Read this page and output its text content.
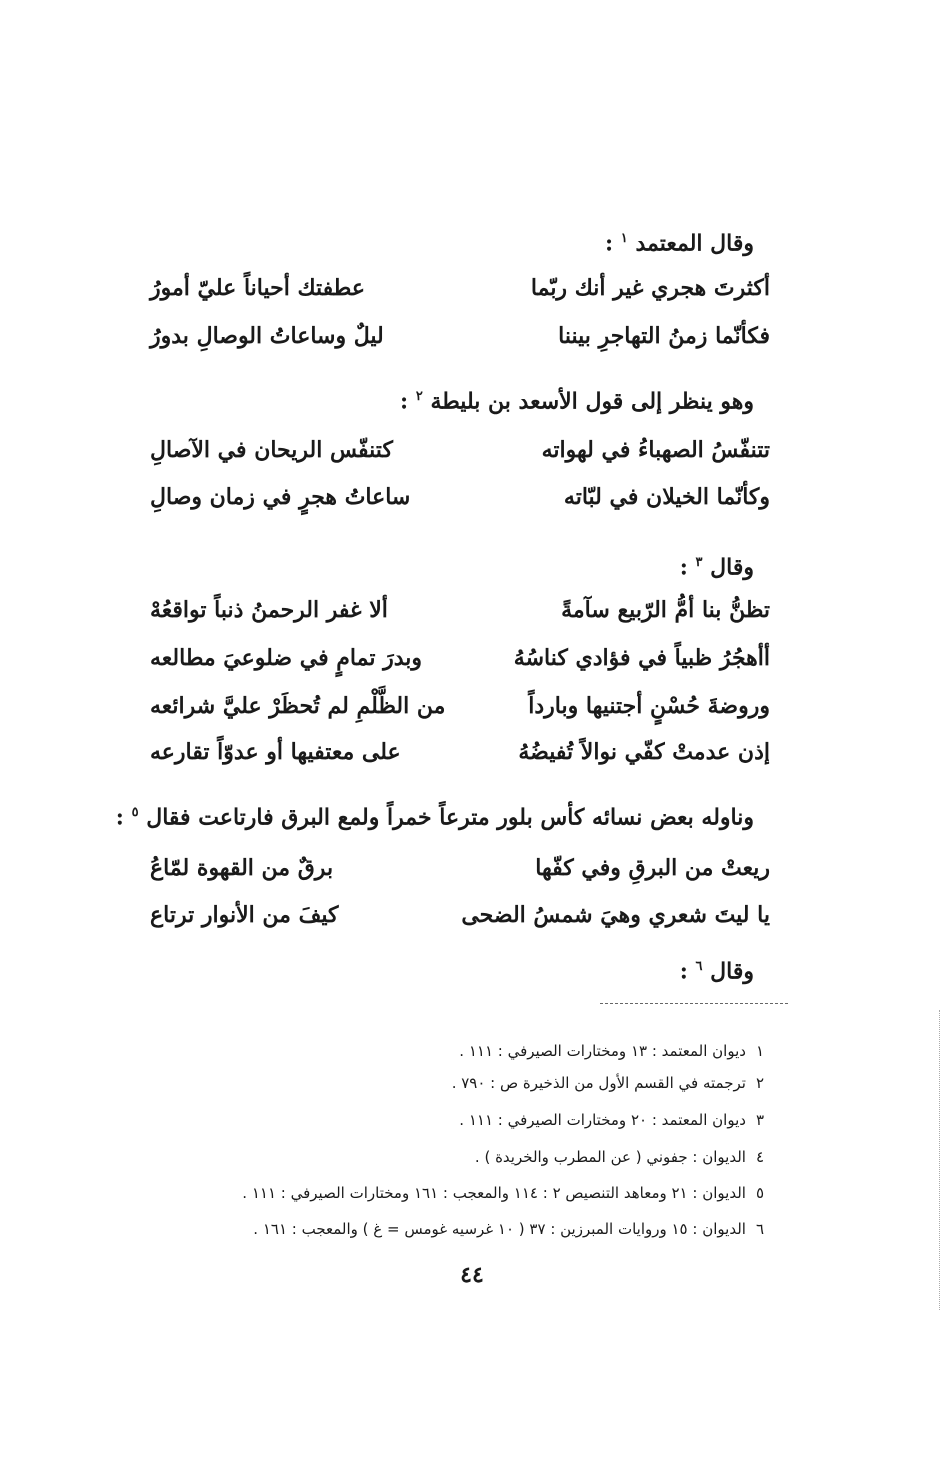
وقال المعتمد $^١$ :
أكثرتَ هجري غير أنك ربّما
عطفتك أحياناً عليّ أمورُ
فكأنّما زمنُ التهاجرِ بيننا
ليلٌ وساعاتُ الوصالِ بدورُ
وهو ينظر إلى قول الأسعد بن بليطة $^٢$ :
تتنفّسُ الصهباءُ في لهواته
كتنفّس الريحان في الآصالِ
وكأنّما الخيلان في لبّاته
ساعاتُ هجرٍ في زمان وصالِ
وقال $^٣$ :
تظنُّ بنا أمُّ الرّبيع سآمةً
ألا غفر الرحمنُ ذنباً تواقعُهْ
أأهجُرُ ظبياً في فؤادي كناسُهُ
وبدرَ تمامٍ في ضلوعيَ مطالعه
وروضةَ حُسْنٍ أجتنيها وبارداً
من الظَّلْمِ لم تُحظَرْ عليَّ شرائعه
إذن عدمتْ كفّي نوالاً تُفيضُهُ
على معتفيها أو عدوّاً تقارعه
وناوله بعض نسائه كأس بلور مترعاً خمراً ولمع البرق فارتاعت فقال $^٥$ :
ريعتْ من البرقِ وفي كفّها
برقٌ من القهوة لمّاعُ
يا ليتَ شعري وهيَ شمسُ الضحى
كيفَ من الأنوار ترتاع
وقال $^٦$ :
١ديوان المعتمد : ١٣ ومختارات الصيرفي : ١١١ .
٢ترجمته في القسم الأول من الذخيرة ص : ٧٩٠ .
٣ديوان المعتمد : ٢٠ ومختارات الصيرفي : ١١١ .
٤الديوان : جفوني ( عن المطرب والخريدة ) .
٥الديوان : ٢١ ومعاهد التنصيص ٢ : ١١٤ والمعجب : ١٦١ ومختارات الصيرفي : ١١١ .
٦الديوان : ١٥ وروايات المبرزين : ٣٧ ( ١٠ غرسيه غومس = غ ) والمعجب : ١٦١ .
٤٤
